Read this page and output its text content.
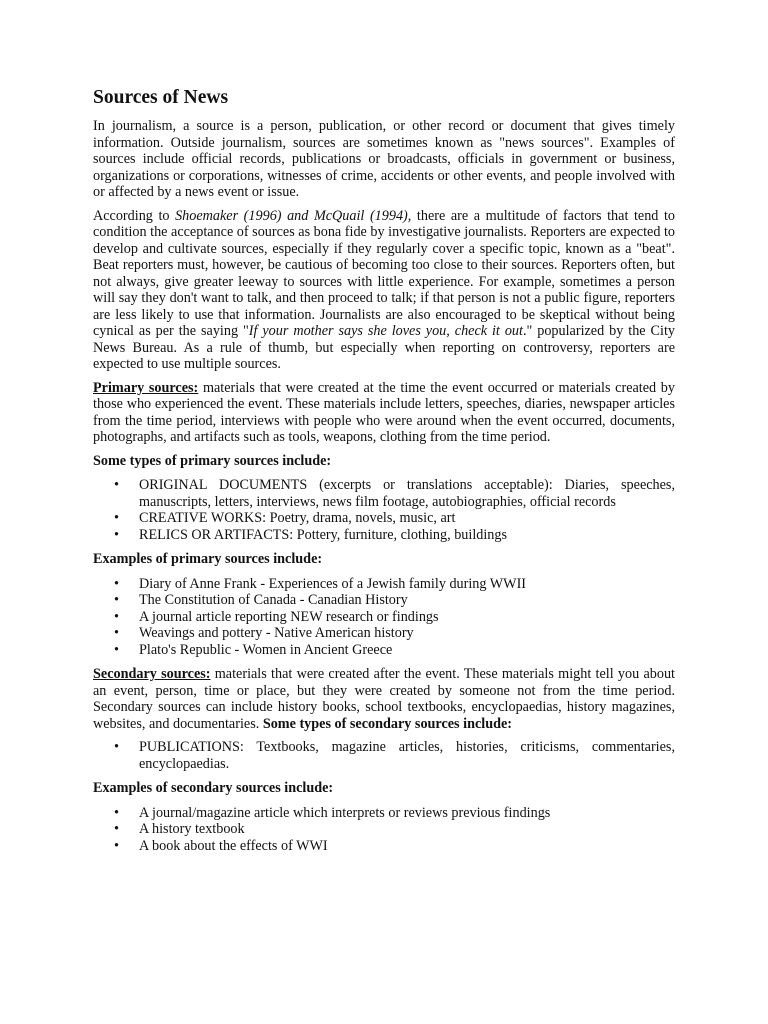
Sources of News

In journalism, a source is a person, publication, or other record or document that gives timely information. Outside journalism, sources are sometimes known as "news sources". Examples of sources include official records, publications or broadcasts, officials in government or business, organizations or corporations, witnesses of crime, accidents or other events, and people involved with or affected by a news event or issue.

According to Shoemaker (1996) and McQuail (1994), there are a multitude of factors that tend to condition the acceptance of sources as bona fide by investigative journalists. Reporters are expected to develop and cultivate sources, especially if they regularly cover a specific topic, known as a "beat". Beat reporters must, however, be cautious of becoming too close to their sources. Reporters often, but not always, give greater leeway to sources with little experience. For example, sometimes a person will say they don't want to talk, and then proceed to talk; if that person is not a public figure, reporters are less likely to use that information. Journalists are also encouraged to be skeptical without being cynical as per the saying "If your mother says she loves you, check it out." popularized by the City News Bureau. As a rule of thumb, but especially when reporting on controversy, reporters are expected to use multiple sources.

Primary sources: materials that were created at the time the event occurred or materials created by those who experienced the event. These materials include letters, speeches, diaries, newspaper articles from the time period, interviews with people who were around when the event occurred, documents, photographs, and artifacts such as tools, weapons, clothing from the time period.

Some types of primary sources include:
• ORIGINAL DOCUMENTS (excerpts or translations acceptable): Diaries, speeches, manuscripts, letters, interviews, news film footage, autobiographies, official records
• CREATIVE WORKS: Poetry, drama, novels, music, art
• RELICS OR ARTIFACTS: Pottery, furniture, clothing, buildings
Examples of primary sources include:
• Diary of Anne Frank - Experiences of a Jewish family during WWII
• The Constitution of Canada - Canadian History
• A journal article reporting NEW research or findings
• Weavings and pottery - Native American history
• Plato's Republic - Women in Ancient Greece

Secondary sources: materials that were created after the event. These materials might tell you about an event, person, time or place, but they were created by someone not from the time period. Secondary sources can include history books, school textbooks, encyclopaedias, history magazines, websites, and documentaries. Some types of secondary sources include:

• PUBLICATIONS: Textbooks, magazine articles, histories, criticisms, commentaries, encyclopaedias.
Examples of secondary sources include:
• A journal/magazine article which interprets or reviews previous findings
• A history textbook
• A book about the effects of WWI
